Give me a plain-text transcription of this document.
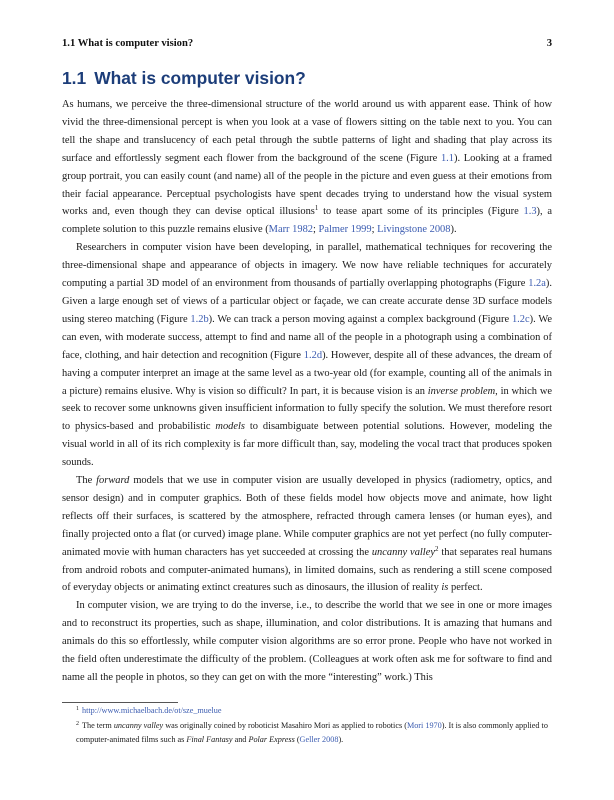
1.1 What is computer vision?	3
1.1 What is computer vision?

As humans, we perceive the three-dimensional structure of the world around us with apparent ease. Think of how vivid the three-dimensional percept is when you look at a vase of flowers sitting on the table next to you. You can tell the shape and translucency of each petal through the subtle patterns of light and shading that play across its surface and effortlessly segment each flower from the background of the scene (Figure 1.1). Looking at a framed group portrait, you can easily count (and name) all of the people in the picture and even guess at their emotions from their facial appearance. Perceptual psychologists have spent decades trying to understand how the visual system works and, even though they can devise optical illusions$^1$ to tease apart some of its principles (Figure 1.3), a complete solution to this puzzle remains elusive (Marr 1982; Palmer 1999; Livingstone 2008).

Researchers in computer vision have been developing, in parallel, mathematical techniques for recovering the three-dimensional shape and appearance of objects in imagery. We now have reliable techniques for accurately computing a partial 3D model of an environment from thousands of partially overlapping photographs (Figure 1.2a). Given a large enough set of views of a particular object or façade, we can create accurate dense 3D surface models using stereo matching (Figure 1.2b). We can track a person moving against a complex background (Figure 1.2c). We can even, with moderate success, attempt to find and name all of the people in a photograph using a combination of face, clothing, and hair detection and recognition (Figure 1.2d). However, despite all of these advances, the dream of having a computer interpret an image at the same level as a two-year old (for example, counting all of the animals in a picture) remains elusive. Why is vision so difficult? In part, it is because vision is an inverse problem, in which we seek to recover some unknowns given insufficient information to fully specify the solution. We must therefore resort to physics-based and probabilistic models to disambiguate between potential solutions. However, modeling the visual world in all of its rich complexity is far more difficult than, say, modeling the vocal tract that produces spoken sounds.

The forward models that we use in computer vision are usually developed in physics (radiometry, optics, and sensor design) and in computer graphics. Both of these fields model how objects move and animate, how light reflects off their surfaces, is scattered by the atmosphere, refracted through camera lenses (or human eyes), and finally projected onto a flat (or curved) image plane. While computer graphics are not yet perfect (no fully computer-animated movie with human characters has yet succeeded at crossing the uncanny valley$^2$ that separates real humans from android robots and computer-animated humans), in limited domains, such as rendering a still scene composed of everyday objects or animating extinct creatures such as dinosaurs, the illusion of reality is perfect.

In computer vision, we are trying to do the inverse, i.e., to describe the world that we see in one or more images and to reconstruct its properties, such as shape, illumination, and color distributions. It is amazing that humans and animals do this so effortlessly, while computer vision algorithms are so error prone. People who have not worked in the field often underestimate the difficulty of the problem. (Colleagues at work often ask me for software to find and name all the people in photos, so they can get on with the more “interesting” work.) This

$^1$ http://www.michaelbach.de/ot/sze_muelue
$^2$ The term uncanny valley was originally coined by roboticist Masahiro Mori as applied to robotics (Mori 1970). It is also commonly applied to computer-animated films such as Final Fantasy and Polar Express (Geller 2008).
